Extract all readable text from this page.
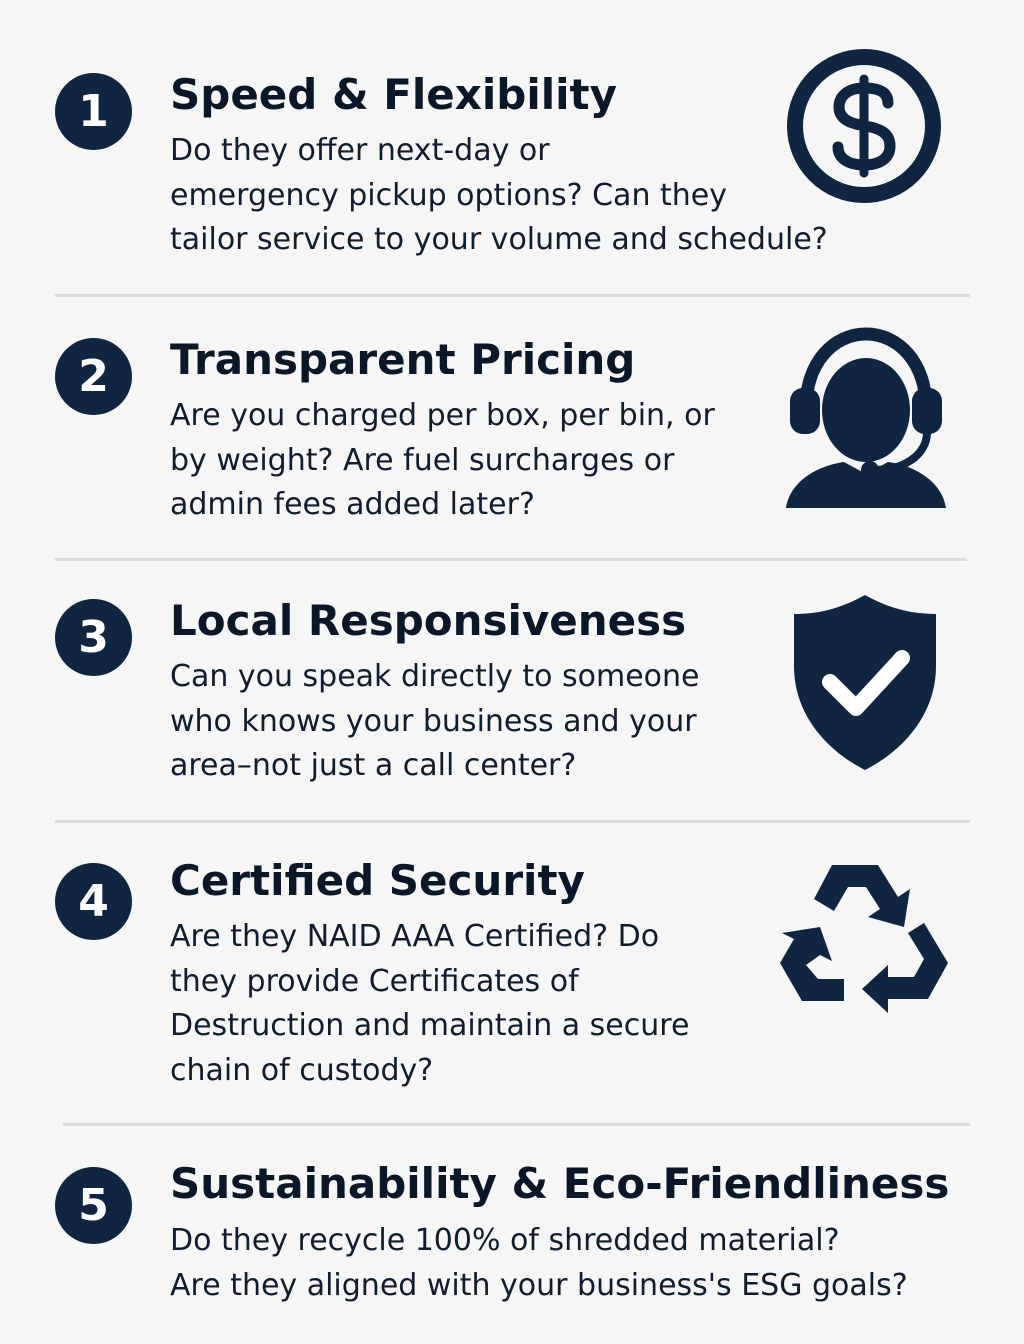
1	Speed & Flexibility

Do they offer next-day or
emergency pickup options? Can they
tailor service to your volume and schedule?

2	Transparent Pricing

Are you charged per box, per bin, or
by weight? Are fuel surcharges or
admin fees added later?

3	Local Responsiveness

Can you speak directly to someone
who knows your business and your
area–not just a call center?

4	Certified Security

Are they NAID AAA Certified? Do
they provide Certificates of
Destruction and maintain a secure
chain of custody?

5	Sustainability & Eco-Friendliness

Do they recycle 100% of shredded material?
Are they aligned with your business's ESG goals?
